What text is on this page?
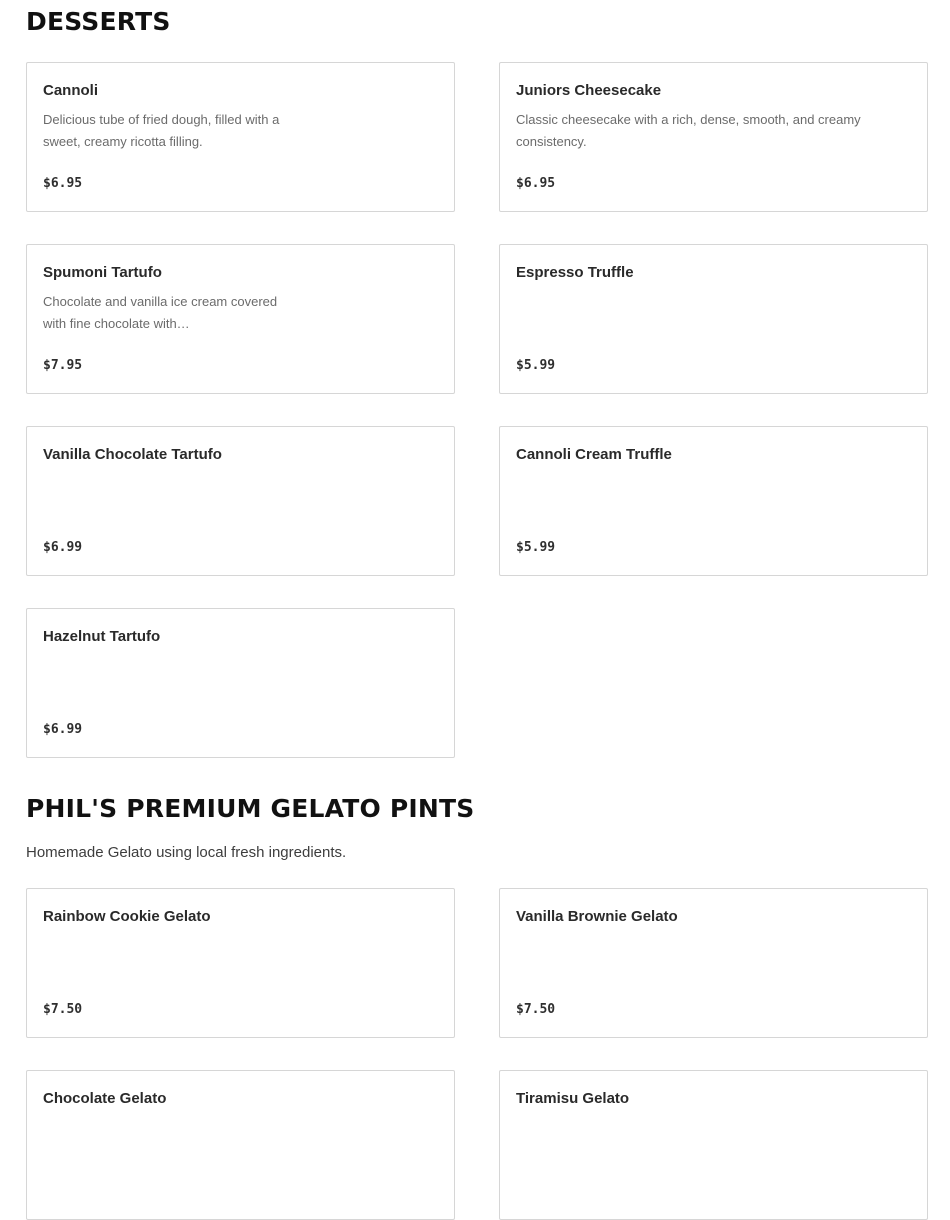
DESSERTS
Cannoli
Delicious tube of fried dough, filled with a sweet, creamy ricotta filling.
$6.95
Juniors Cheesecake
Classic cheesecake with a rich, dense, smooth, and creamy consistency.
$6.95
Spumoni Tartufo
Chocolate and vanilla ice cream covered with fine chocolate with…
$7.95
Espresso Truffle
$5.99
Vanilla Chocolate Tartufo
$6.99
Cannoli Cream Truffle
$5.99
Hazelnut Tartufo
$6.99
PHIL'S PREMIUM GELATO PINTS
Homemade Gelato using local fresh ingredients.
Rainbow Cookie Gelato
$7.50
Vanilla Brownie Gelato
$7.50
Chocolate Gelato	Tiramisu Gelato
